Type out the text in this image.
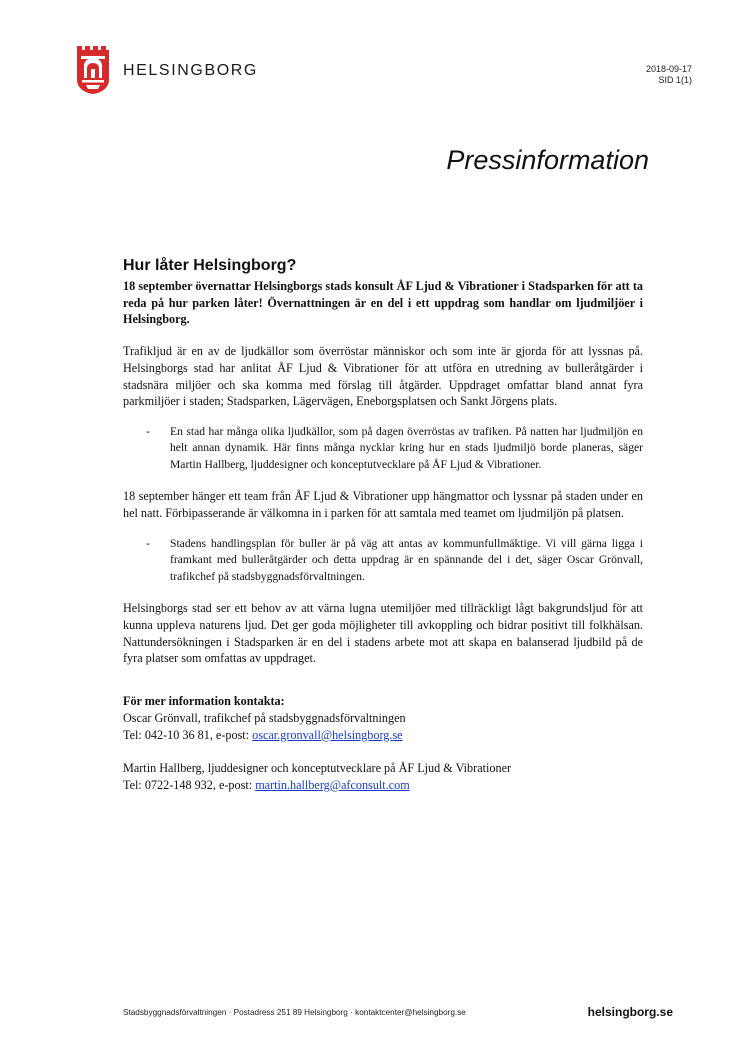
HELSINGBORG	2018-09-17
SID 1(1)
Pressinformation
Hur låter Helsingborg?

18 september övernattar Helsingborgs stads konsult ÅF Ljud & Vibrationer i Stadsparken för att ta reda på hur parken låter! Övernattningen är en del i ett uppdrag som handlar om ljudmiljöer i Helsingborg.

Trafikljud är en av de ljudkällor som överröstar människor och som inte är gjorda för att lyssnas på. Helsingborgs stad har anlitat ÅF Ljud & Vibrationer för att utföra en utredning av bulleråtgärder i stadsnära miljöer och ska komma med förslag till åtgärder. Uppdraget omfattar bland annat fyra parkmiljöer i staden; Stadsparken, Lägervägen, Eneborgsplatsen och Sankt Jörgens plats.

- En stad har många olika ljudkällor, som på dagen överröstas av trafiken. På natten har ljudmiljön en helt annan dynamik. Här finns många nycklar kring hur en stads ljudmiljö borde planeras, säger Martin Hallberg, ljuddesigner och konceptutvecklare på ÅF Ljud & Vibrationer.

18 september hänger ett team från ÅF Ljud & Vibrationer upp hängmattor och lyssnar på staden under en hel natt. Förbipasserande är välkomna in i parken för att samtala med teamet om ljudmiljön på platsen.

- Stadens handlingsplan för buller är på väg att antas av kommunfullmäktige. Vi vill gärna ligga i framkant med bulleråtgärder och detta uppdrag är en spännande del i det, säger Oscar Grönvall, trafikchef på stadsbyggnadsförvaltningen.

Helsingborgs stad ser ett behov av att värna lugna utemiljöer med tillräckligt lågt bakgrundsljud för att kunna uppleva naturens ljud. Det ger goda möjligheter till avkoppling och bidrar positivt till folkhälsan. Nattundersökningen i Stadsparken är en del i stadens arbete mot att skapa en balanserad ljudbild på de fyra platser som omfattas av uppdraget.

För mer information kontakta:

Oscar Grönvall, trafikchef på stadsbyggnadsförvaltningen

Tel: 042-10 36 81, e-post: oscar.gronvall@helsingborg.se

Martin Hallberg, ljuddesigner och konceptutvecklare på ÅF Ljud & Vibrationer

Tel: 0722-148 932, e-post: martin.hallberg@afconsult.com

Stadsbyggnadsförvaltningen · Postadress 251 89 Helsingborg · kontaktcenter@helsingborg.se	helsingborg.se
